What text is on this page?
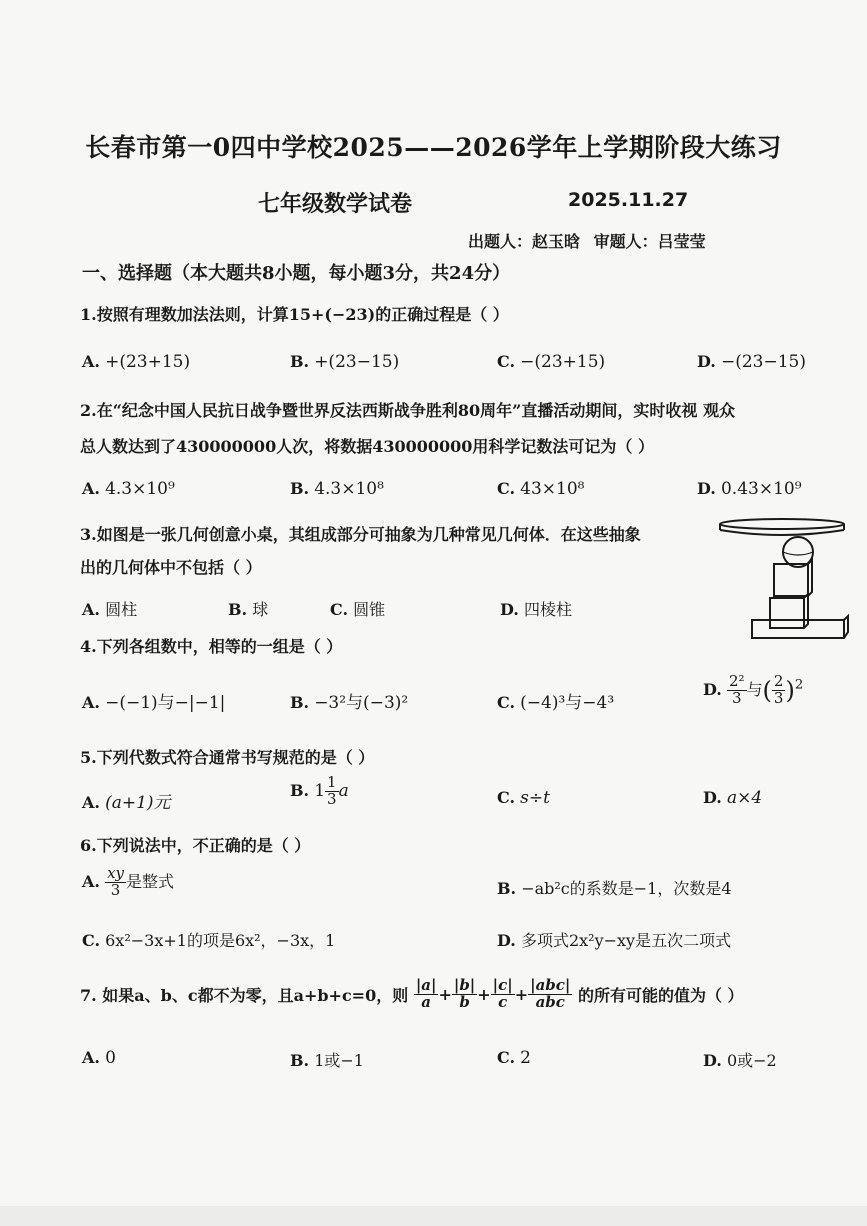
长春市第一0四中学校2025——2026学年上学期阶段大练习
七年级数学试卷	2025.11.27
出题人：赵玉晗 审题人：吕莹莹
一、选择题（本大题共8小题，每小题3分，共24分）
1.按照有理数加法法则，计算15+(−23)的正确过程是（ ）
A. +(23+15)	B. +(23−15)	C. −(23+15)	D. −(23−15)
2.在“纪念中国人民抗日战争暨世界反法西斯战争胜利80周年”直播活动期间，实时收视 观众
总人数达到了430000000人次，将数据430000000用科学记数法可记为（ ）
A. 4.3×10⁹	B. 4.3×10⁸	C. 43×10⁸	D. 0.43×10⁹
3.如图是一张几何创意小桌，其组成部分可抽象为几种常见几何体．在这些抽象
出的几何体中不包括（ ）
A. 圆柱	B. 球	C. 圆锥	D. 四棱柱
4.下列各组数中，相等的一组是（ ）
A. −(−1)与−|−1|	B. −3²与(−3)²	C. (−4)³与−4³
D. $\frac{\text{2²}}{3}$ 与( $\frac{2}{3} )^2$
5.下列代数式符合通常书写规范的是（ ）
A. (a+1)元
B. $1 \frac{1}{3}$ a	C. s÷t	D. a×4
6.下列说法中，不正确的是（ ）
A. $\frac{xy}{3}$ 是整式	B. −ab²c的系数是−1，次数是4
C. 6x²−3x+1的项是6x²，−3x，1	D. 多项式2x²y−xy是五次二项式
7. 如果a、b、c都不为零，且a+b+c=0，则 $\frac{|a|}{a} + \frac{|b|}{b} + \frac{|c|}{c} + \frac{\text{|abc|}}{\text{abc}}$ 的所有可能的值为（ ）
A. 0	B. 1或−1	C. 2	D. 0或−2
